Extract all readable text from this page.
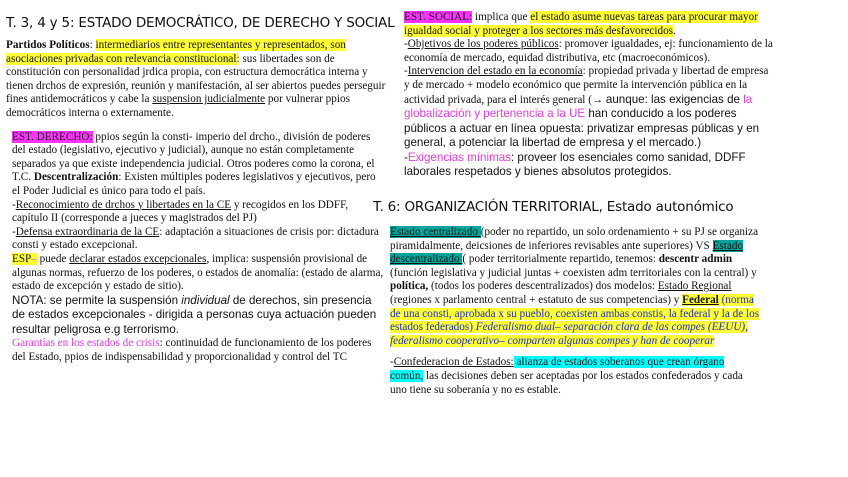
T. 3, 4 y 5: ESTADO DEMOCRÁTICO, DE DERECHO Y SOCIAL

Partidos Políticos: intermediarios entre representantes y representados, son asociaciones privadas con relevancia constitucional: sus libertades son de constitución con personalidad jrdica propia, con estructura democrática interna y tienen drchos de expresión, reunión y manifestación, al ser abiertos puedes perseguir fines antidemocráticos y cabe la suspension judicialmente por vulnerar ppios democráticos interna o externamente.

EST. DERECHO: ppios según la consti- imperio del drcho., división de poderes del estado (legislativo, ejecutivo y judicial), aunque no están completamente separados ya que existe independencia judicial. Otros poderes como la corona, el T.C. Descentralización: Existen múltiples poderes legislativos y ejecutivos, pero el Poder Judicial es único para todo el país.

-Reconocimiento de drchos y libertades en la CE y recogidos en los DDFF, capítulo II (corresponde a jueces y magistrados del PJ)

-Defensa extraordinaria de la CE: adaptación a situaciones de crisis por: dictadura consti y estado excepcional.

ESP– puede declarar estados excepcionales, implica: suspensión provisional de algunas normas, refuerzo de los poderes, o estados de anomalía: (estado de alarma, estado de excepción y estado de sitio).

NOTA: se permite la suspensión individual de derechos, sin presencia de estados excepcionales - dirigida a personas cuya actuación pueden resultar peligrosa e.g terrorismo.

Garantías en los estados de crisis: continuidad de funcionamiento de los poderes del Estado, ppios de indispensabilidad y proporcionalidad y control del TC

EST. SOCIAL: implica que el estado asume nuevas tareas para procurar mayor igualdad social y proteger a los sectores más desfavorecidos.

-Objetivos de los poderes públicos: promover igualdades, ej: funcionamiento de la economía de mercado, equidad distributiva, etc (macroeconómicos).

-Intervencion del estado en la economía: propiedad privada y libertad de empresa y de mercado + modelo económico que permite la intervención pública en la actividad privada, para el interés general (→ aunque: las exigencias de la globalización y pertenencia a la UE han conducido a los poderes públicos a actuar en línea opuesta: privatizar empresas públicas y en general, a potenciar la libertad de empresa y el mercado.)

-Exigencias mínimas: proveer los esenciales como sanidad, DDFF laborales respetados y bienes absolutos protegidos.

T. 6: ORGANIZACIÓN TERRITORIAL, Estado autonómico

Estado centralizado (poder no repartido, un solo ordenamiento + su PJ se organiza piramidalmente, deicsiones de inferiores revisables ante superiores) VS Estado descentralizado ( poder territorialmente repartido, tenemos: descentr admin (función legislativa y judicial juntas + coexisten adm territoriales con la central) y política, (todos los poderes descentralizados) dos modelos: Estado Regional (regiones x parlamento central + estatuto de sus competencias) y Federal (norma de una consti, aprobada x su pueblo, coexisten ambas constis, la federal y la de los estados federados) Federalismo dual– separación clara de las compes (EEUU), federalismo cooperativo– comparten algunas compes y han de cooperar

-Confederacion de Estados: alianza de estados soberanos que crean órgano común, las decisiones deben ser aceptadas por los estados confederados y cada uno tiene su soberanía y no es estable.
